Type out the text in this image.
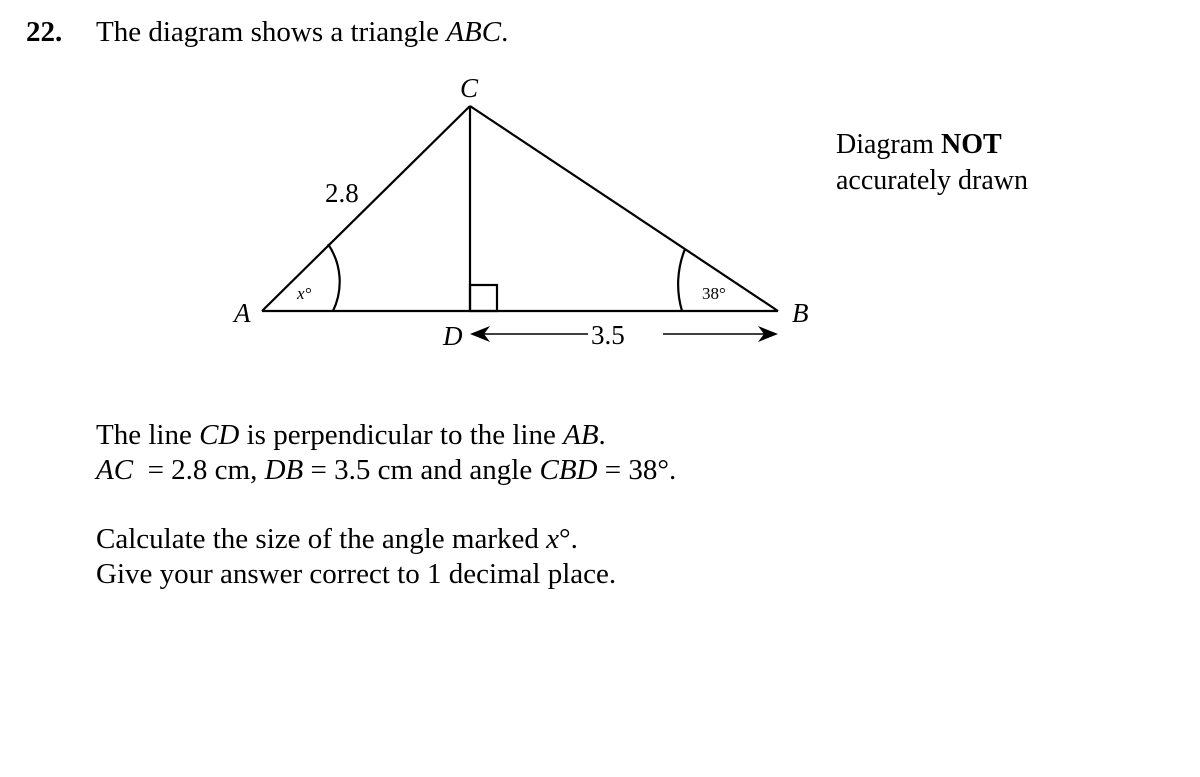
22. The diagram shows a triangle ABC.
C
A	B
D
2.8
3.5
x°	38°
Diagram NOT
accurately drawn
The line CD is perpendicular to the line AB.
AC  = 2.8 cm, DB = 3.5 cm and angle CBD = 38°.
Calculate the size of the angle marked x°.
Give your answer correct to 1 decimal place.
